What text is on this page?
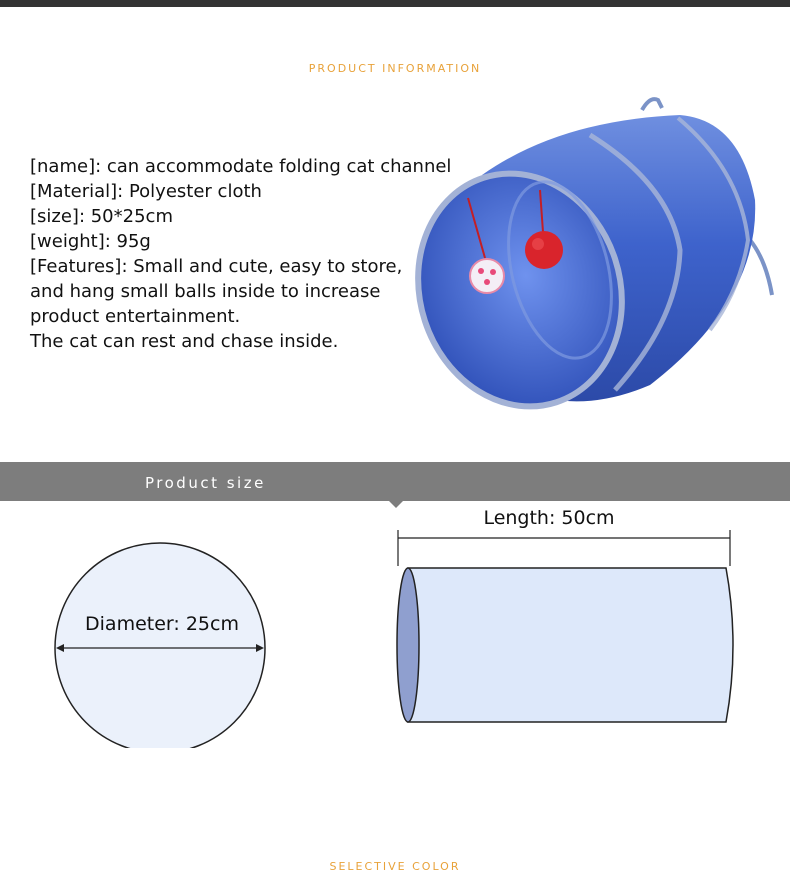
PRODUCT INFORMATION
[name]: can accommodate folding cat channel
[Material]: Polyester cloth
[size]: 50*25cm
[weight]: 95g
[Features]: Small and cute, easy to store,
and hang small balls inside to increase
product entertainment.
The cat can rest and chase inside.
Product size
Diameter: 25cm
Length: 50cm
SELECTIVE COLOR
